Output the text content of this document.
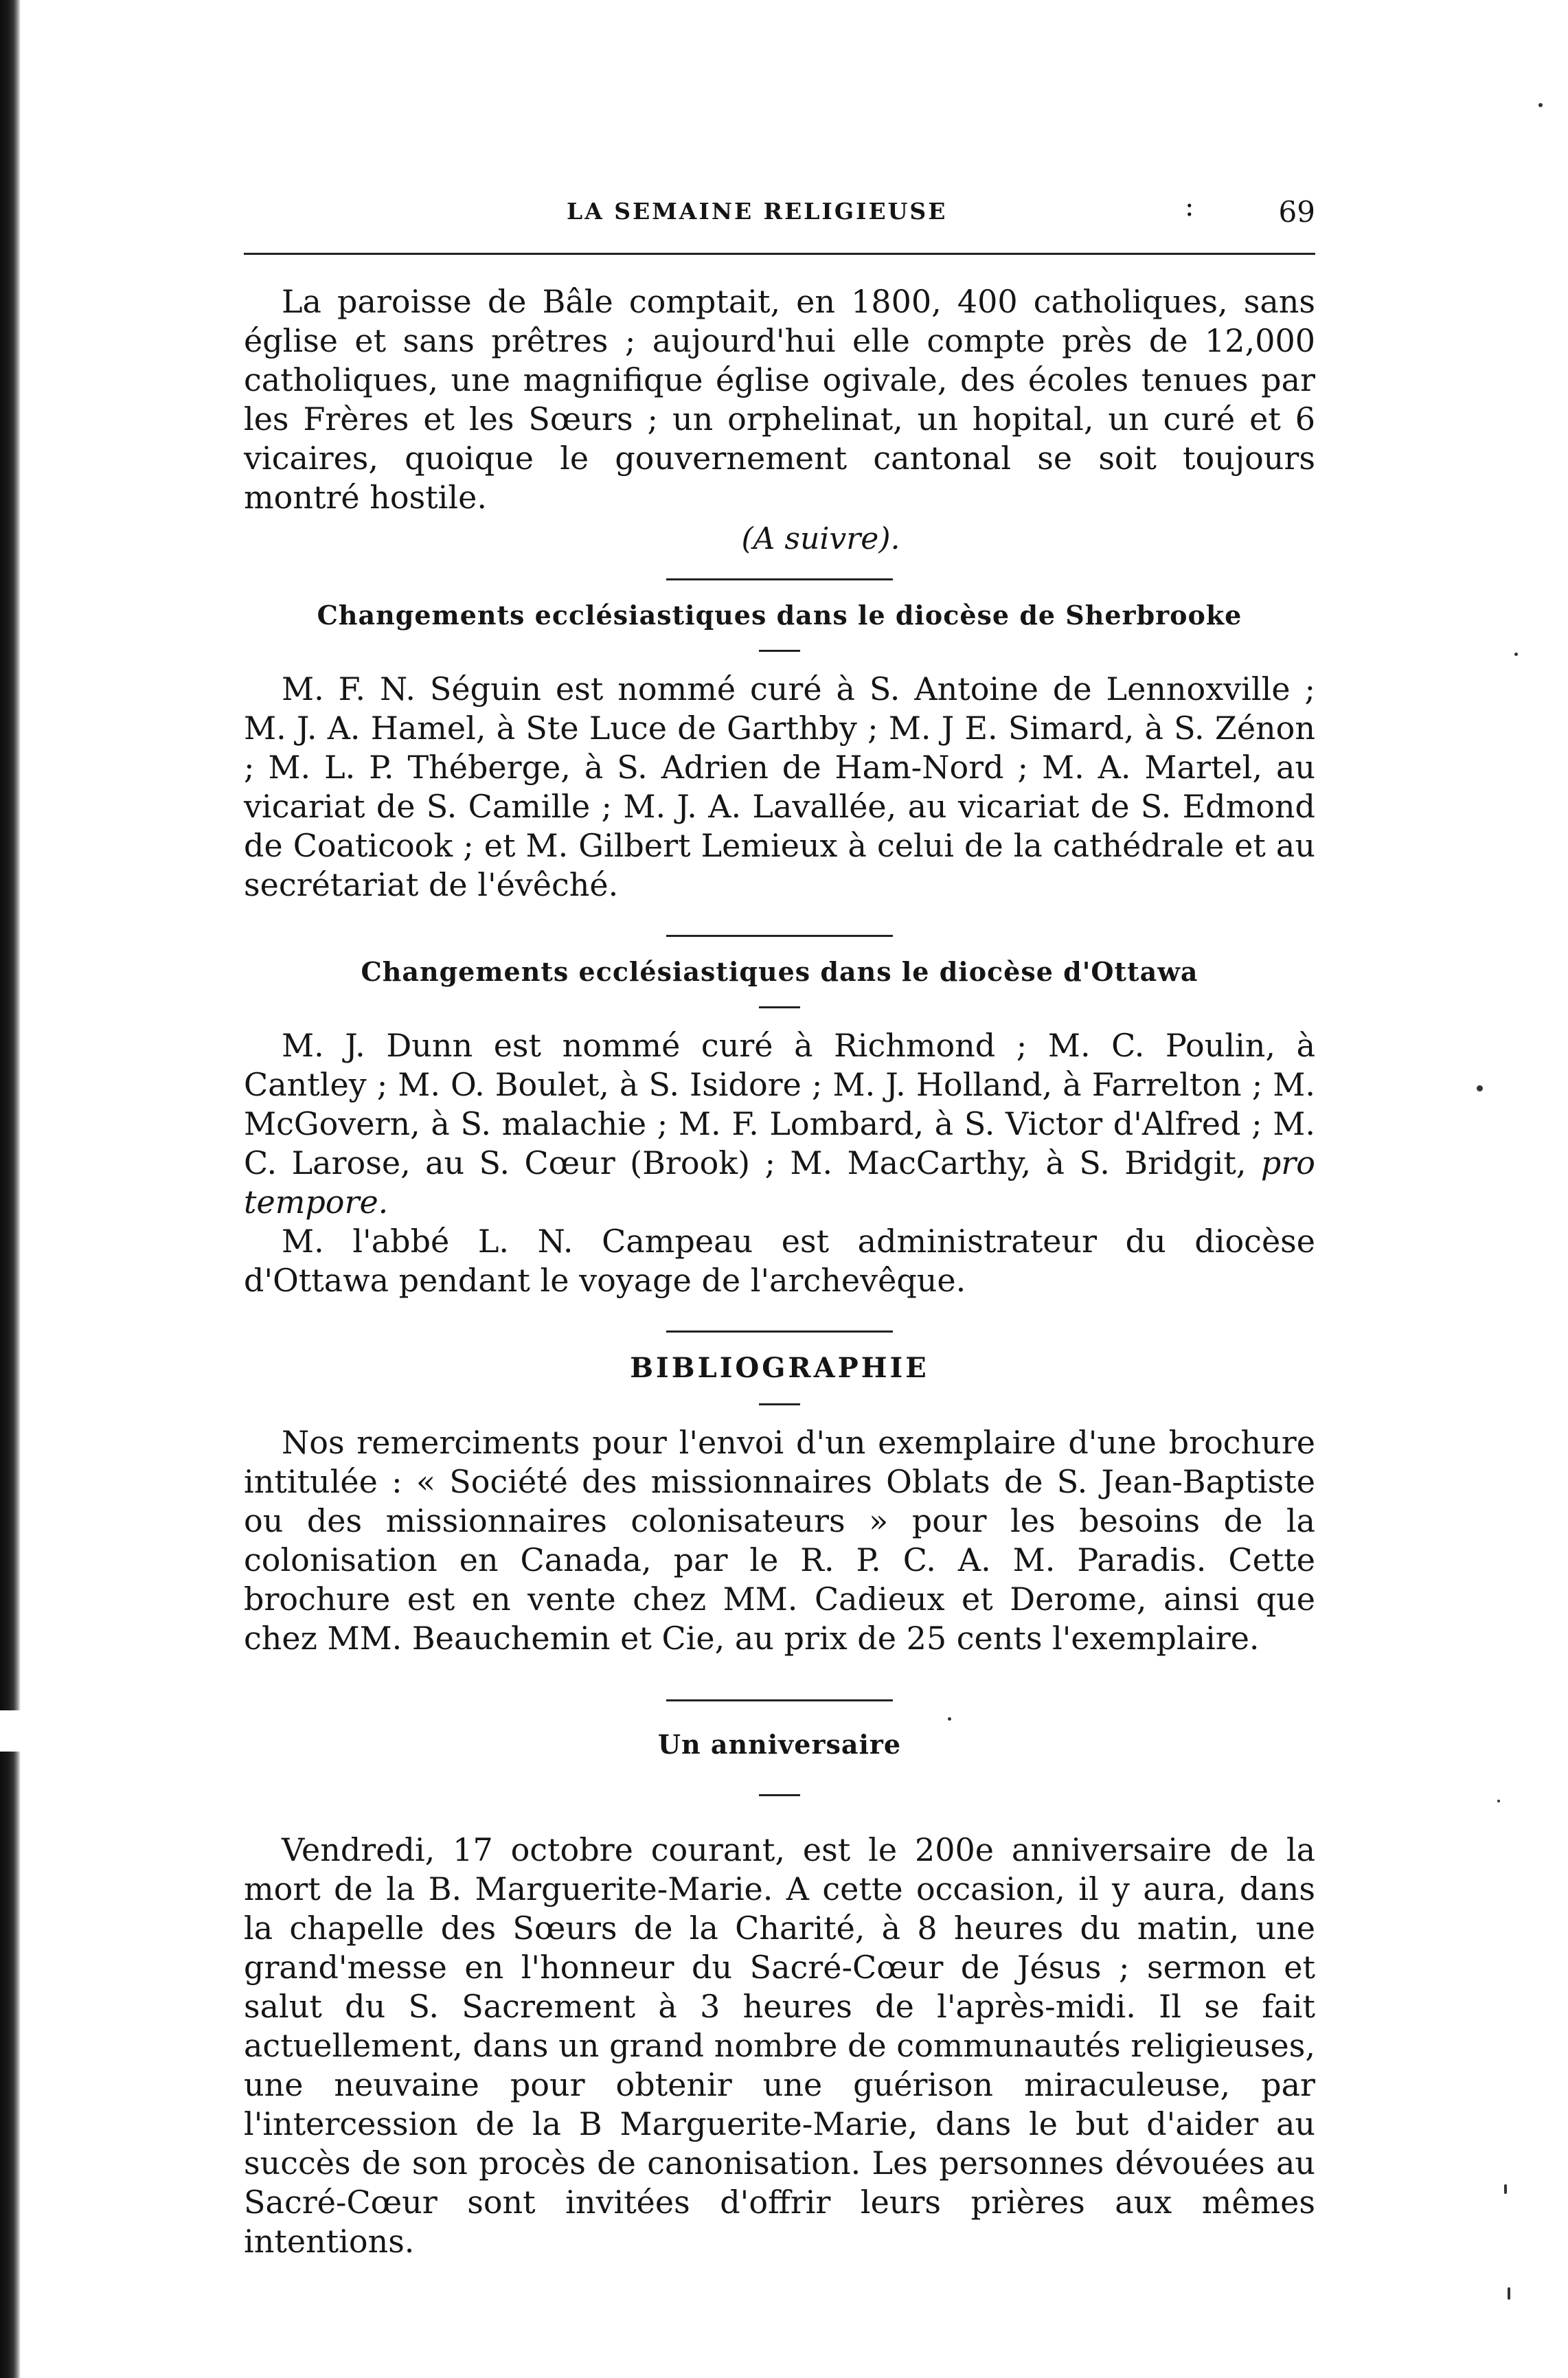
LA SEMAINE RELIGIEUSE	:	69

La paroisse de Bâle comptait, en 1800, 400 catholiques, sans église et sans prêtres ; aujourd'hui elle compte près de 12,000 catholiques, une magnifique église ogivale, des écoles tenues par les Frères et les Sœurs ; un orphelinat, un hopital, un curé et 6 vicaires, quoique le gouvernement cantonal se soit toujours montré hostile.

(A suivre).
Changements ecclésiastiques dans le diocèse de Sherbrooke

M. F. N. Séguin est nommé curé à S. Antoine de Lennoxville ; M. J. A. Hamel, à Ste Luce de Garthby ; M. J E. Simard, à S. Zénon ; M. L. P. Théberge, à S. Adrien de Ham-Nord ; M. A. Martel, au vicariat de S. Camille ; M. J. A. Lavallée, au vicariat de S. Edmond de Coaticook ; et M. Gilbert Lemieux à celui de la cathédrale et au secrétariat de l'évêché.

Changements ecclésiastiques dans le diocèse d'Ottawa

M. J. Dunn est nommé curé à Richmond ; M. C. Poulin, à Cantley ; M. O. Boulet, à S. Isidore ; M. J. Holland, à Farrelton ; M. McGovern, à S. malachie ; M. F. Lombard, à S. Victor d'Alfred ; M. C. Larose, au S. Cœur (Brook) ; M. MacCarthy, à S. Bridgit, pro tempore.

M. l'abbé L. N. Campeau est administrateur du diocèse d'Ottawa pendant le voyage de l'archevêque.

BIBLIOGRAPHIE

Nos remerciments pour l'envoi d'un exemplaire d'une brochure intitulée : « Société des missionnaires Oblats de S. Jean-Baptiste ou des missionnaires colonisateurs » pour les besoins de la colonisation en Canada, par le R. P. C. A. M. Paradis. Cette brochure est en vente chez MM. Cadieux et Derome, ainsi que chez MM. Beauchemin et Cie, au prix de 25 cents l'exemplaire.

Un anniversaire

Vendredi, 17 octobre courant, est le 200e anniversaire de la mort de la B. Marguerite-Marie. A cette occasion, il y aura, dans la chapelle des Sœurs de la Charité, à 8 heures du matin, une grand'messe en l'honneur du Sacré-Cœur de Jésus ; sermon et salut du S. Sacrement à 3 heures de l'après-midi. Il se fait actuellement, dans un grand nombre de communautés religieuses, une neuvaine pour obtenir une guérison miraculeuse, par l'intercession de la B Marguerite-Marie, dans le but d'aider au succès de son procès de canonisation. Les personnes dévouées au Sacré-Cœur sont invitées d'offrir leurs prières aux mêmes intentions.
